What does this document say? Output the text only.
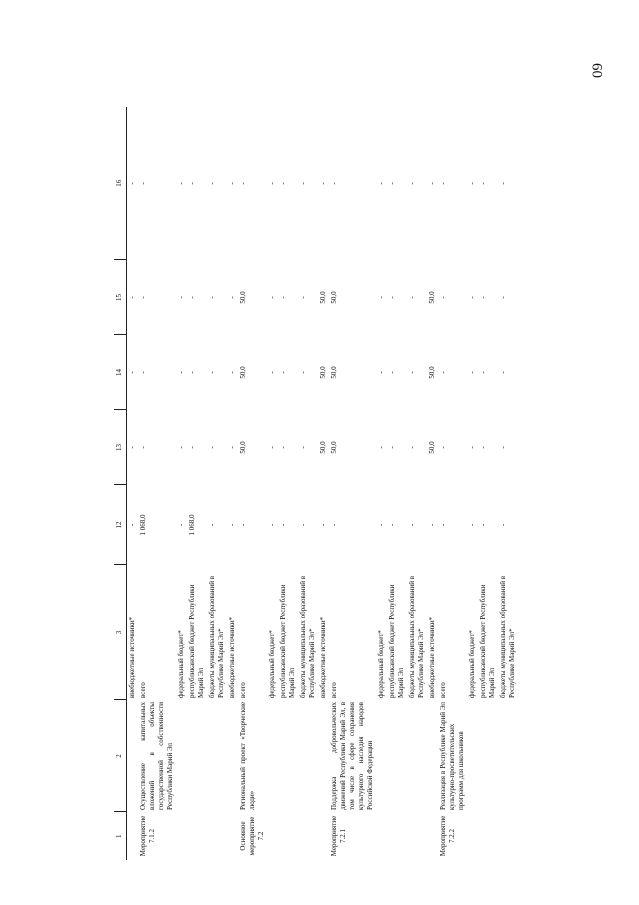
60
1	2	3	12	13	14	15	16
		внебюджетные источники*	-	-	-	-	-
Мероприятие 7.1.2	Осуществление капитальных вложений в объекты государственной собственности Республики Марий Эл	всего	1 068,0	-	-	-	-
		федеральный бюджет*	-	-	-	-	-
		республиканский бюджет Республики Марий Эл	1 068,0	-	-	-	-
		бюджеты муниципальных образований в Республике Марий Эл*	-	-	-	-	-
		внебюджетные источники*	-	-	-	-	-
Основное мероприятие 7.2	Региональный проект «Творческие люди»	всего	-	50,0	50,0	50,0	-
		федеральный бюджет*	-	-	-	-	-
		республиканский бюджет Республики Марий Эл	-	-	-	-	-
		бюджеты муниципальных образований в Республике Марий Эл*	-	-	-	-	-
		внебюджетные источники*	-	50,0	50,0	50,0	-
Мероприятие 7.2.1	Поддержка добровольческих движений Республики Марий Эл, в том числе в сфере сохранения культурного наследия народов Российской Федерации	всего	-	50,0	50,0	50,0	-
		федеральный бюджет*	-	-	-	-	-
		республиканский бюджет Республики Марий Эл	-	-	-	-	-
		бюджеты муниципальных образований в Республике Марий Эл*	-	-	-	-	-
		внебюджетные источники*	-	50,0	50,0	50,0	-
Мероприятие 7.2.2	Реализация в Республике Марий Эл культурно-просветительских программ для школьников	всего	-	-	-	-	-
		федеральный бюджет*	-	-	-	-	-
		республиканский бюджет Республики Марий Эл	-	-	-	-	-
		бюджеты муниципальных образований в Республике Марий Эл*	-	-	-	-	-
